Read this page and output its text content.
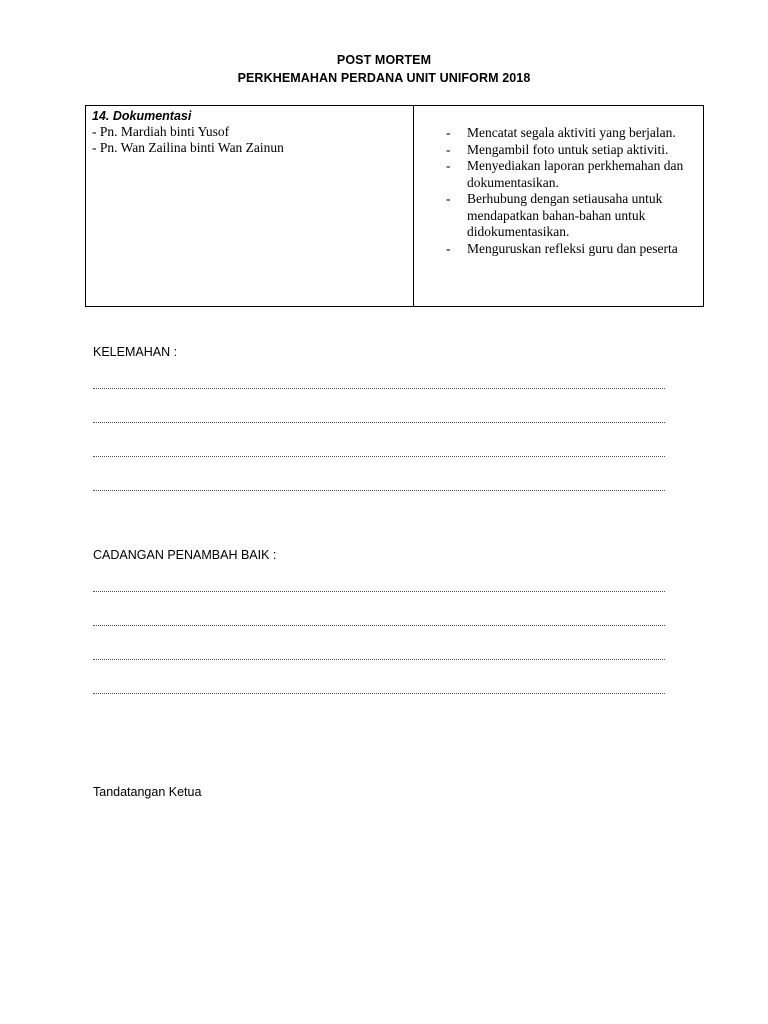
POST MORTEM
PERKHEMAHAN PERDANA UNIT UNIFORM 2018
14. Dokumentasi
- Pn. Mardiah binti Yusof
- Pn. Wan Zailina binti Wan Zainun
- Mencatat segala aktiviti yang berjalan.
- Mengambil foto untuk setiap aktiviti.
- Menyediakan laporan perkhemahan dan dokumentasikan.
- Berhubung dengan setiausaha untuk mendapatkan bahan-bahan untuk didokumentasikan.
- Menguruskan refleksi guru dan peserta
KELEMAHAN :
CADANGAN PENAMBAH BAIK :
Tandatangan Ketua
